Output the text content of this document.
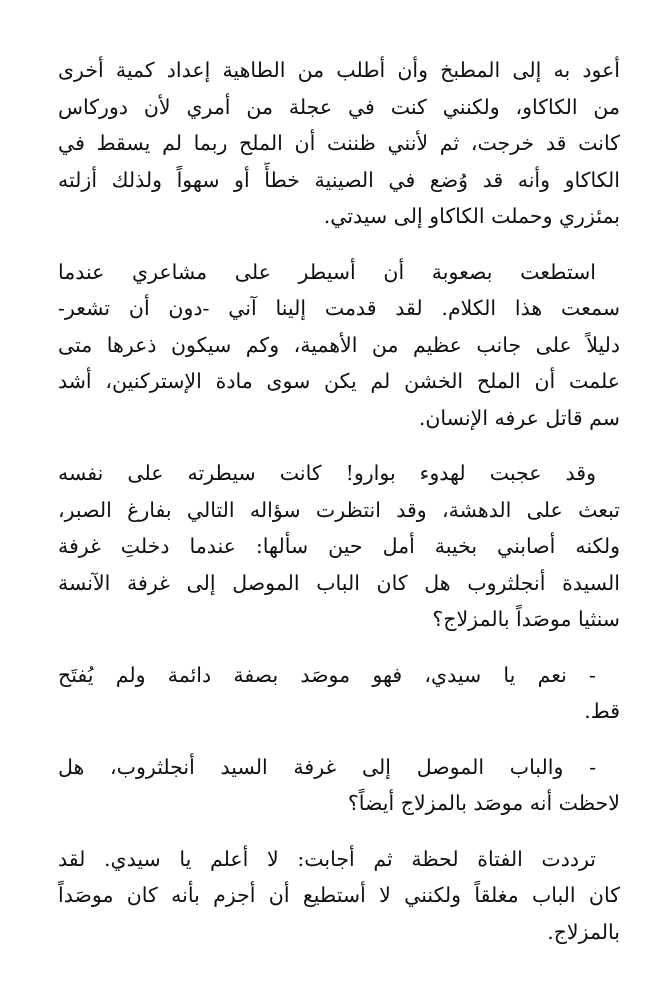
أعود به إلى المطبخ وأن أطلب من الطاهية إعداد كمية أخرى
من الكاكاو، ولكنني كنت في عجلة من أمري لأن دوركاس
كانت قد خرجت، ثم لأنني ظننت أن الملح ربما لم يسقط في
الكاكاو وأنه قد وُضع في الصينية خطأً أو سهواً ولذلك أزلته
بمئزري وحملت الكاكاو إلى سيدتي.
استطعت بصعوبة أن أسيطر على مشاعري عندما
سمعت هذا الكلام. لقد قدمت إلينا آني -دون أن تشعر-
دليلاً على جانب عظيم من الأهمية، وكم سيكون ذعرها متى
علمت أن الملح الخشن لم يكن سوى مادة الإستركنين، أشد
سم قاتل عرفه الإنسان.
وقد عجبت لهدوء بوارو! كانت سيطرته على نفسه
تبعث على الدهشة، وقد انتظرت سؤاله التالي بفارغ الصبر،
ولكنه أصابني بخيبة أمل حين سألها: عندما دخلتِ غرفة
السيدة أنجلثروب هل كان الباب الموصل إلى غرفة الآنسة
سنثيا موصَداً بالمزلاج؟
- نعم يا سيدي، فهو موصَد بصفة دائمة ولم يُفتَح
قط.
- والباب الموصل إلى غرفة السيد أنجلثروب، هل
لاحظت أنه موصَد بالمزلاج أيضاً؟
ترددت الفتاة لحظة ثم أجابت: لا أعلم يا سيدي. لقد
كان الباب مغلقاً ولكنني لا أستطيع أن أجزم بأنه كان موصَداً
بالمزلاج.
